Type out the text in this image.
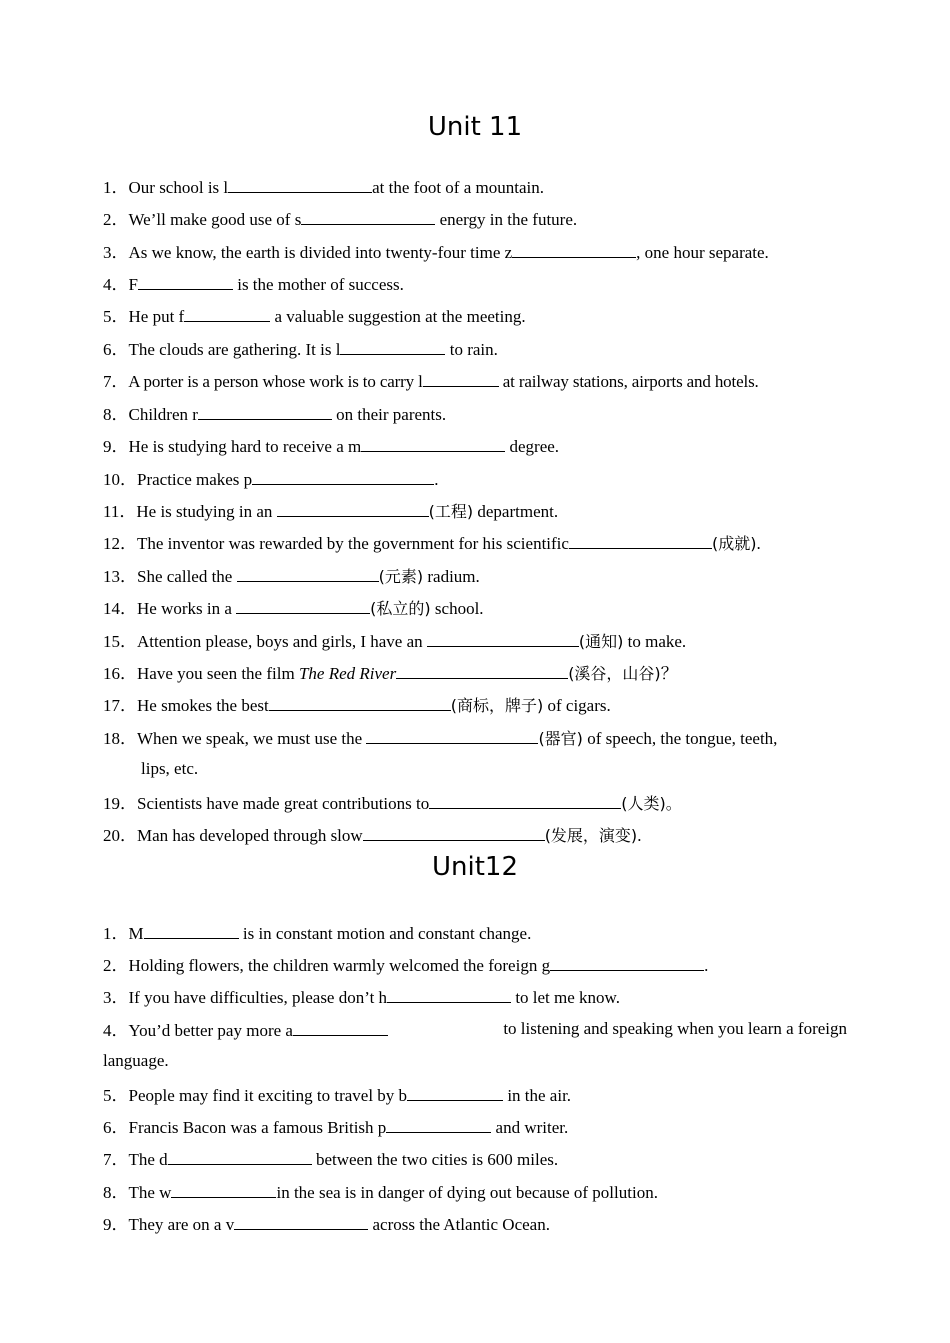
Unit 11
1．Our school is l	at the foot of a mountain.
2．We’ll make good use of s	energy in the future.
3．As we know, the earth is divided into twenty-four time z	, one hour separate.
4．F	is the mother of success.
5．He put f	a valuable suggestion at the meeting.
6．The clouds are gathering. It is l	to rain.
7．A porter is a person whose work is to carry l	at railway stations, airports and hotels.
8．Children r	on their parents.
9．He is studying hard to receive a m	degree.
10．Practice makes p	.
11．He is studying in an	(工程) department.
12．The inventor was rewarded by the government for his scientific	(成就).
13．She called the	(元素) radium.
14．He works in a	(私立的) school.
15．Attention please, boys and girls, I have an	(通知) to make.
16．Have you seen the film The Red River	(溪谷，山谷)？
17．He smokes the best	(商标，牌子) of cigars.
18．When we speak, we must use the	(器官) of speech, the tongue, teeth,
lips, etc.
19．Scientists have made great contributions to	(人类)。
20．Man has developed through slow	(发展，演变).
Unit12
1．M	is in constant motion and constant change.
2．Holding flowers, the children warmly welcomed the foreign g	.
3．If you have difficulties, please don’t h	to let me know.
4．You’d better pay more a	to listening and speaking when you learn a foreign
language.
5．People may find it exciting to travel by b	in the air.
6．Francis Bacon was a famous British p	and writer.
7．The d	between the two cities is 600 miles.
8．The w	in the sea is in danger of dying out because of pollution.
9．They are on a v	across the Atlantic Ocean.
